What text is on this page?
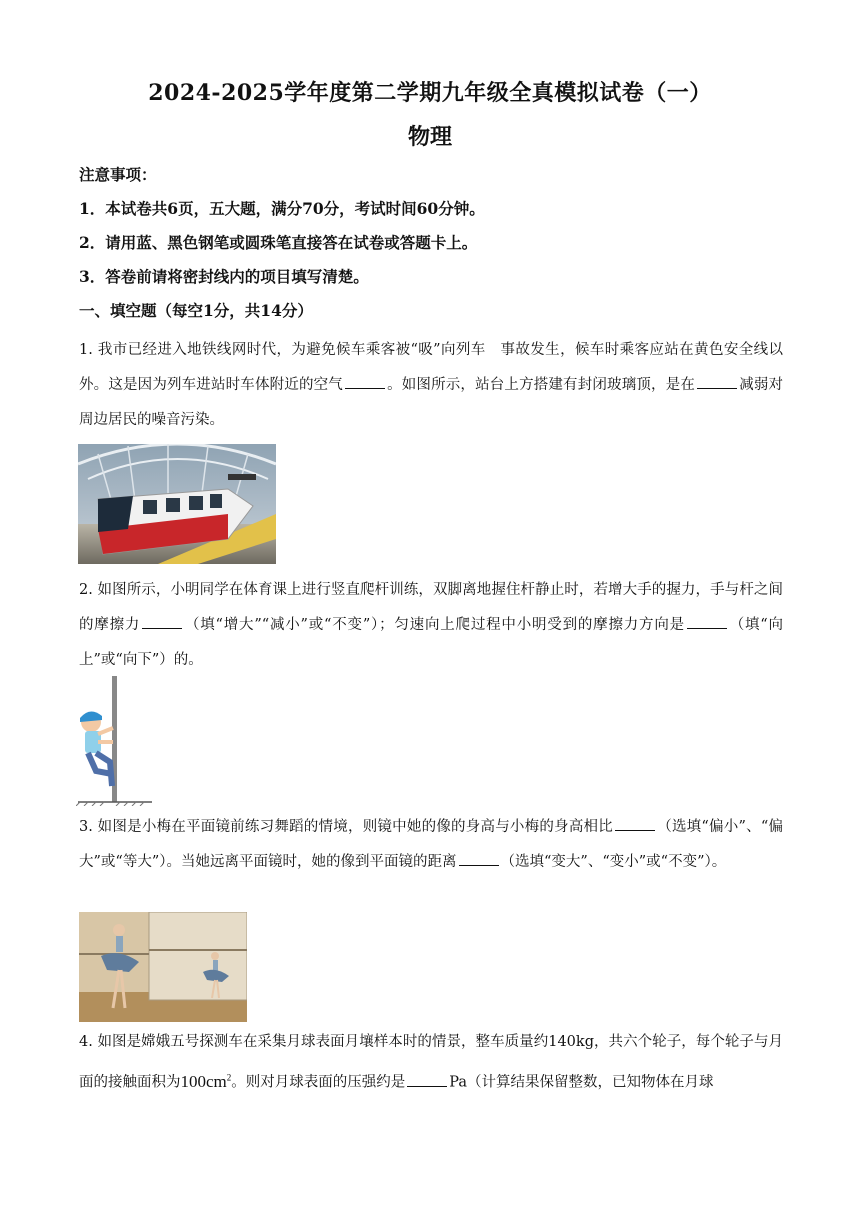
2024-2025学年度第二学期九年级全真模拟试卷（一）
物理
注意事项：
1．本试卷共6页，五大题，满分70分，考试时间60分钟。
2．请用蓝、黑色钢笔或圆珠笔直接答在试卷或答题卡上。
3．答卷前请将密封线内的项目填写清楚。
一、填空题（每空1分，共14分）
1. 我市已经进入地铁线网时代，为避免候车乘客被“吸”向列车　事故发生，候车时乘客应站在黄色安全线以外。这是因为列车进站时车体附近的空气	。如图所示，站台上方搭建有封闭玻璃顶，是在	减弱对周边居民的噪音污染。
2. 如图所示，小明同学在体育课上进行竖直爬杆训练，双脚离地握住杆静止时，若增大手的握力，手与杆之间的摩擦力	（填“增大”“减小”或“不变”）；匀速向上爬过程中小明受到的摩擦力方向是	（填“向上”或“向下”）的。
3. 如图是小梅在平面镜前练习舞蹈的情境，则镜中她的像的身高与小梅的身高相比	（选填“偏小”、“偏大”或“等大”）。当她远离平面镜时，她的像到平面镜的距离	（选填“变大”、“变小”或“不变”）。
4. 如图是嫦娥五号探测车在采集月球表面月壤样本时的情景，整车质量约140kg，共六个轮子，每个轮子与月面的接触面积为$100cm^2$。则对月球表面的压强约是	Pa（计算结果保留整数，已知物体在月球
